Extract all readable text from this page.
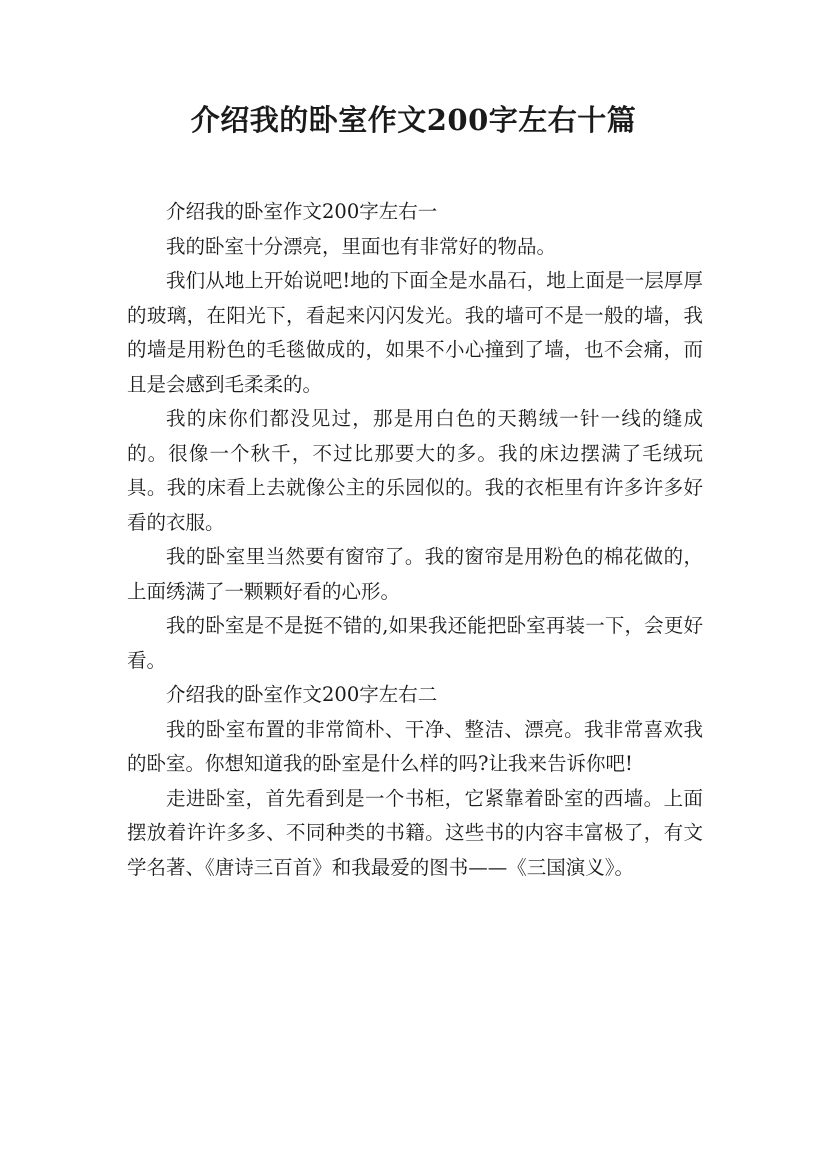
介绍我的卧室作文200字左右十篇

介绍我的卧室作文200字左右一

我的卧室十分漂亮，里面也有非常好的物品。

我们从地上开始说吧!地的下面全是水晶石，地上面是一层厚厚的玻璃，在阳光下，看起来闪闪发光。我的墙可不是一般的墙，我的墙是用粉色的毛毯做成的，如果不小心撞到了墙，也不会痛，而且是会感到毛柔柔的。

我的床你们都没见过，那是用白色的天鹅绒一针一线的缝成的。很像一个秋千，不过比那要大的多。我的床边摆满了毛绒玩具。我的床看上去就像公主的乐园似的。我的衣柜里有许多许多好看的衣服。

我的卧室里当然要有窗帘了。我的窗帘是用粉色的棉花做的，上面绣满了一颗颗好看的心形。

我的卧室是不是挺不错的,如果我还能把卧室再装一下，会更好看。

介绍我的卧室作文200字左右二

我的卧室布置的非常简朴、干净、整洁、漂亮。我非常喜欢我的卧室。你想知道我的卧室是什么样的吗?让我来告诉你吧!

走进卧室，首先看到是一个书柜，它紧靠着卧室的西墙。上面摆放着许许多多、不同种类的书籍。这些书的内容丰富极了，有文学名著、《唐诗三百首》和我最爱的图书——《三国演义》。
